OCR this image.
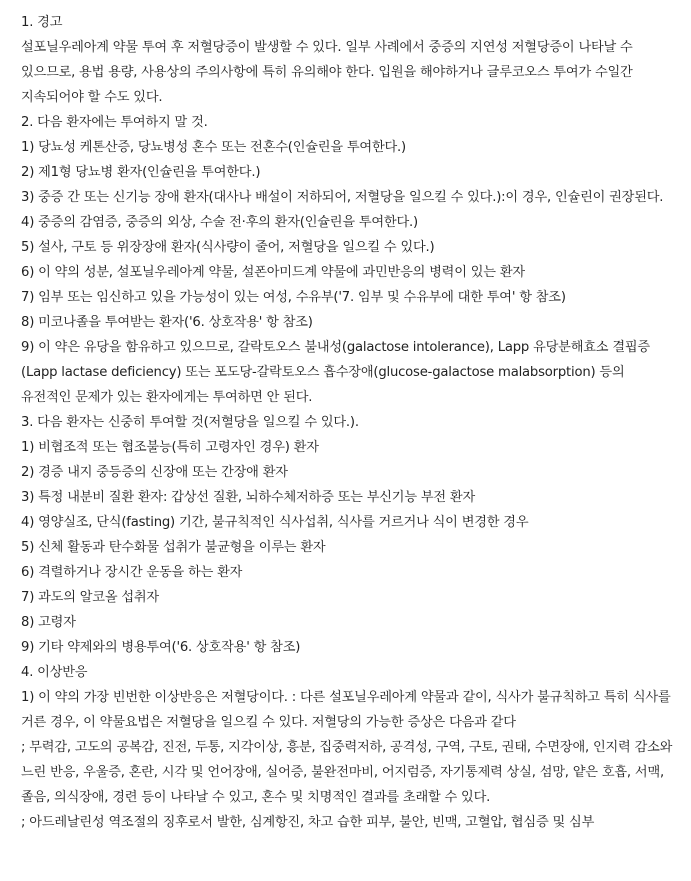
1. 경고

설포닐우레아계 약물 투여 후 저혈당증이 발생할 수 있다. 일부 사례에서 중증의 지연성 저혈당증이 나타날 수 있으므로, 용법 용량, 사용상의 주의사항에 특히 유의해야 한다. 입원을 해야하거나 글루코오스 투여가 수일간 지속되어야 할 수도 있다.

2. 다음 환자에는 투여하지 말 것.

1) 당뇨성 케톤산증, 당뇨병성 혼수 또는 전혼수(인슐린을 투여한다.)

2) 제1형 당뇨병 환자(인슐린을 투여한다.)

3) 중증 간 또는 신기능 장애 환자(대사나 배설이 저하되어, 저혈당을 일으킬 수 있다.):이 경우, 인슐린이 권장된다.

4) 중증의 감염증, 중증의 외상, 수술 전·후의 환자(인슐린을 투여한다.)

5) 설사, 구토 등 위장장애 환자(식사량이 줄어, 저혈당을 일으킬 수 있다.)

6) 이 약의 성분, 설포닐우레아계 약물, 설폰아미드계 약물에 과민반응의 병력이 있는 환자

7) 임부 또는 임신하고 있을 가능성이 있는 여성, 수유부('7. 임부 및 수유부에 대한 투여' 항 참조)

8) 미코나졸을 투여받는 환자('6. 상호작용' 항 참조)

9) 이 약은 유당을 함유하고 있으므로, 갈락토오스 불내성(galactose intolerance), Lapp 유당분해효소 결핍증(Lapp lactase deficiency) 또는 포도당-갈락토오스 흡수장애(glucose-galactose malabsorption) 등의 유전적인 문제가 있는 환자에게는 투여하면 안 된다.

3. 다음 환자는 신중히 투여할 것(저혈당을 일으킬 수 있다.).

1) 비협조적 또는 협조불능(특히 고령자인 경우) 환자

2) 경증 내지 중등증의 신장애 또는 간장애 환자

3) 특정 내분비 질환 환자: 갑상선 질환, 뇌하수체저하증 또는 부신기능 부전 환자

4) 영양실조, 단식(fasting) 기간, 불규칙적인 식사섭취, 식사를 거르거나 식이 변경한 경우

5) 신체 활동과 탄수화물 섭취가 불균형을 이루는 환자

6) 격렬하거나 장시간 운동을 하는 환자

7) 과도의 알코올 섭취자

8) 고령자

9) 기타 약제와의 병용투여('6. 상호작용' 항 참조)

4. 이상반응

1) 이 약의 가장 빈번한 이상반응은 저혈당이다. : 다른 설포닐우레아계 약물과 같이, 식사가 불규칙하고 특히 식사를 거른 경우, 이 약물요법은 저혈당을 일으킬 수 있다. 저혈당의 가능한 증상은 다음과 같다

; 무력감, 고도의 공복감, 진전, 두통, 지각이상, 흥분, 집중력저하, 공격성, 구역, 구토, 권태, 수면장애, 인지력 감소와 느린 반응, 우울증, 혼란, 시각 및 언어장애, 실어증, 불완전마비, 어지럼증, 자기통제력 상실, 섬망, 얕은 호흡, 서맥, 졸음, 의식장애, 경련 등이 나타날 수 있고, 혼수 및 치명적인 결과를 초래할 수 있다.

; 아드레날린성 역조절의 징후로서 발한, 심계항진, 차고 습한 피부, 불안, 빈맥, 고혈압, 협심증 및 심부
